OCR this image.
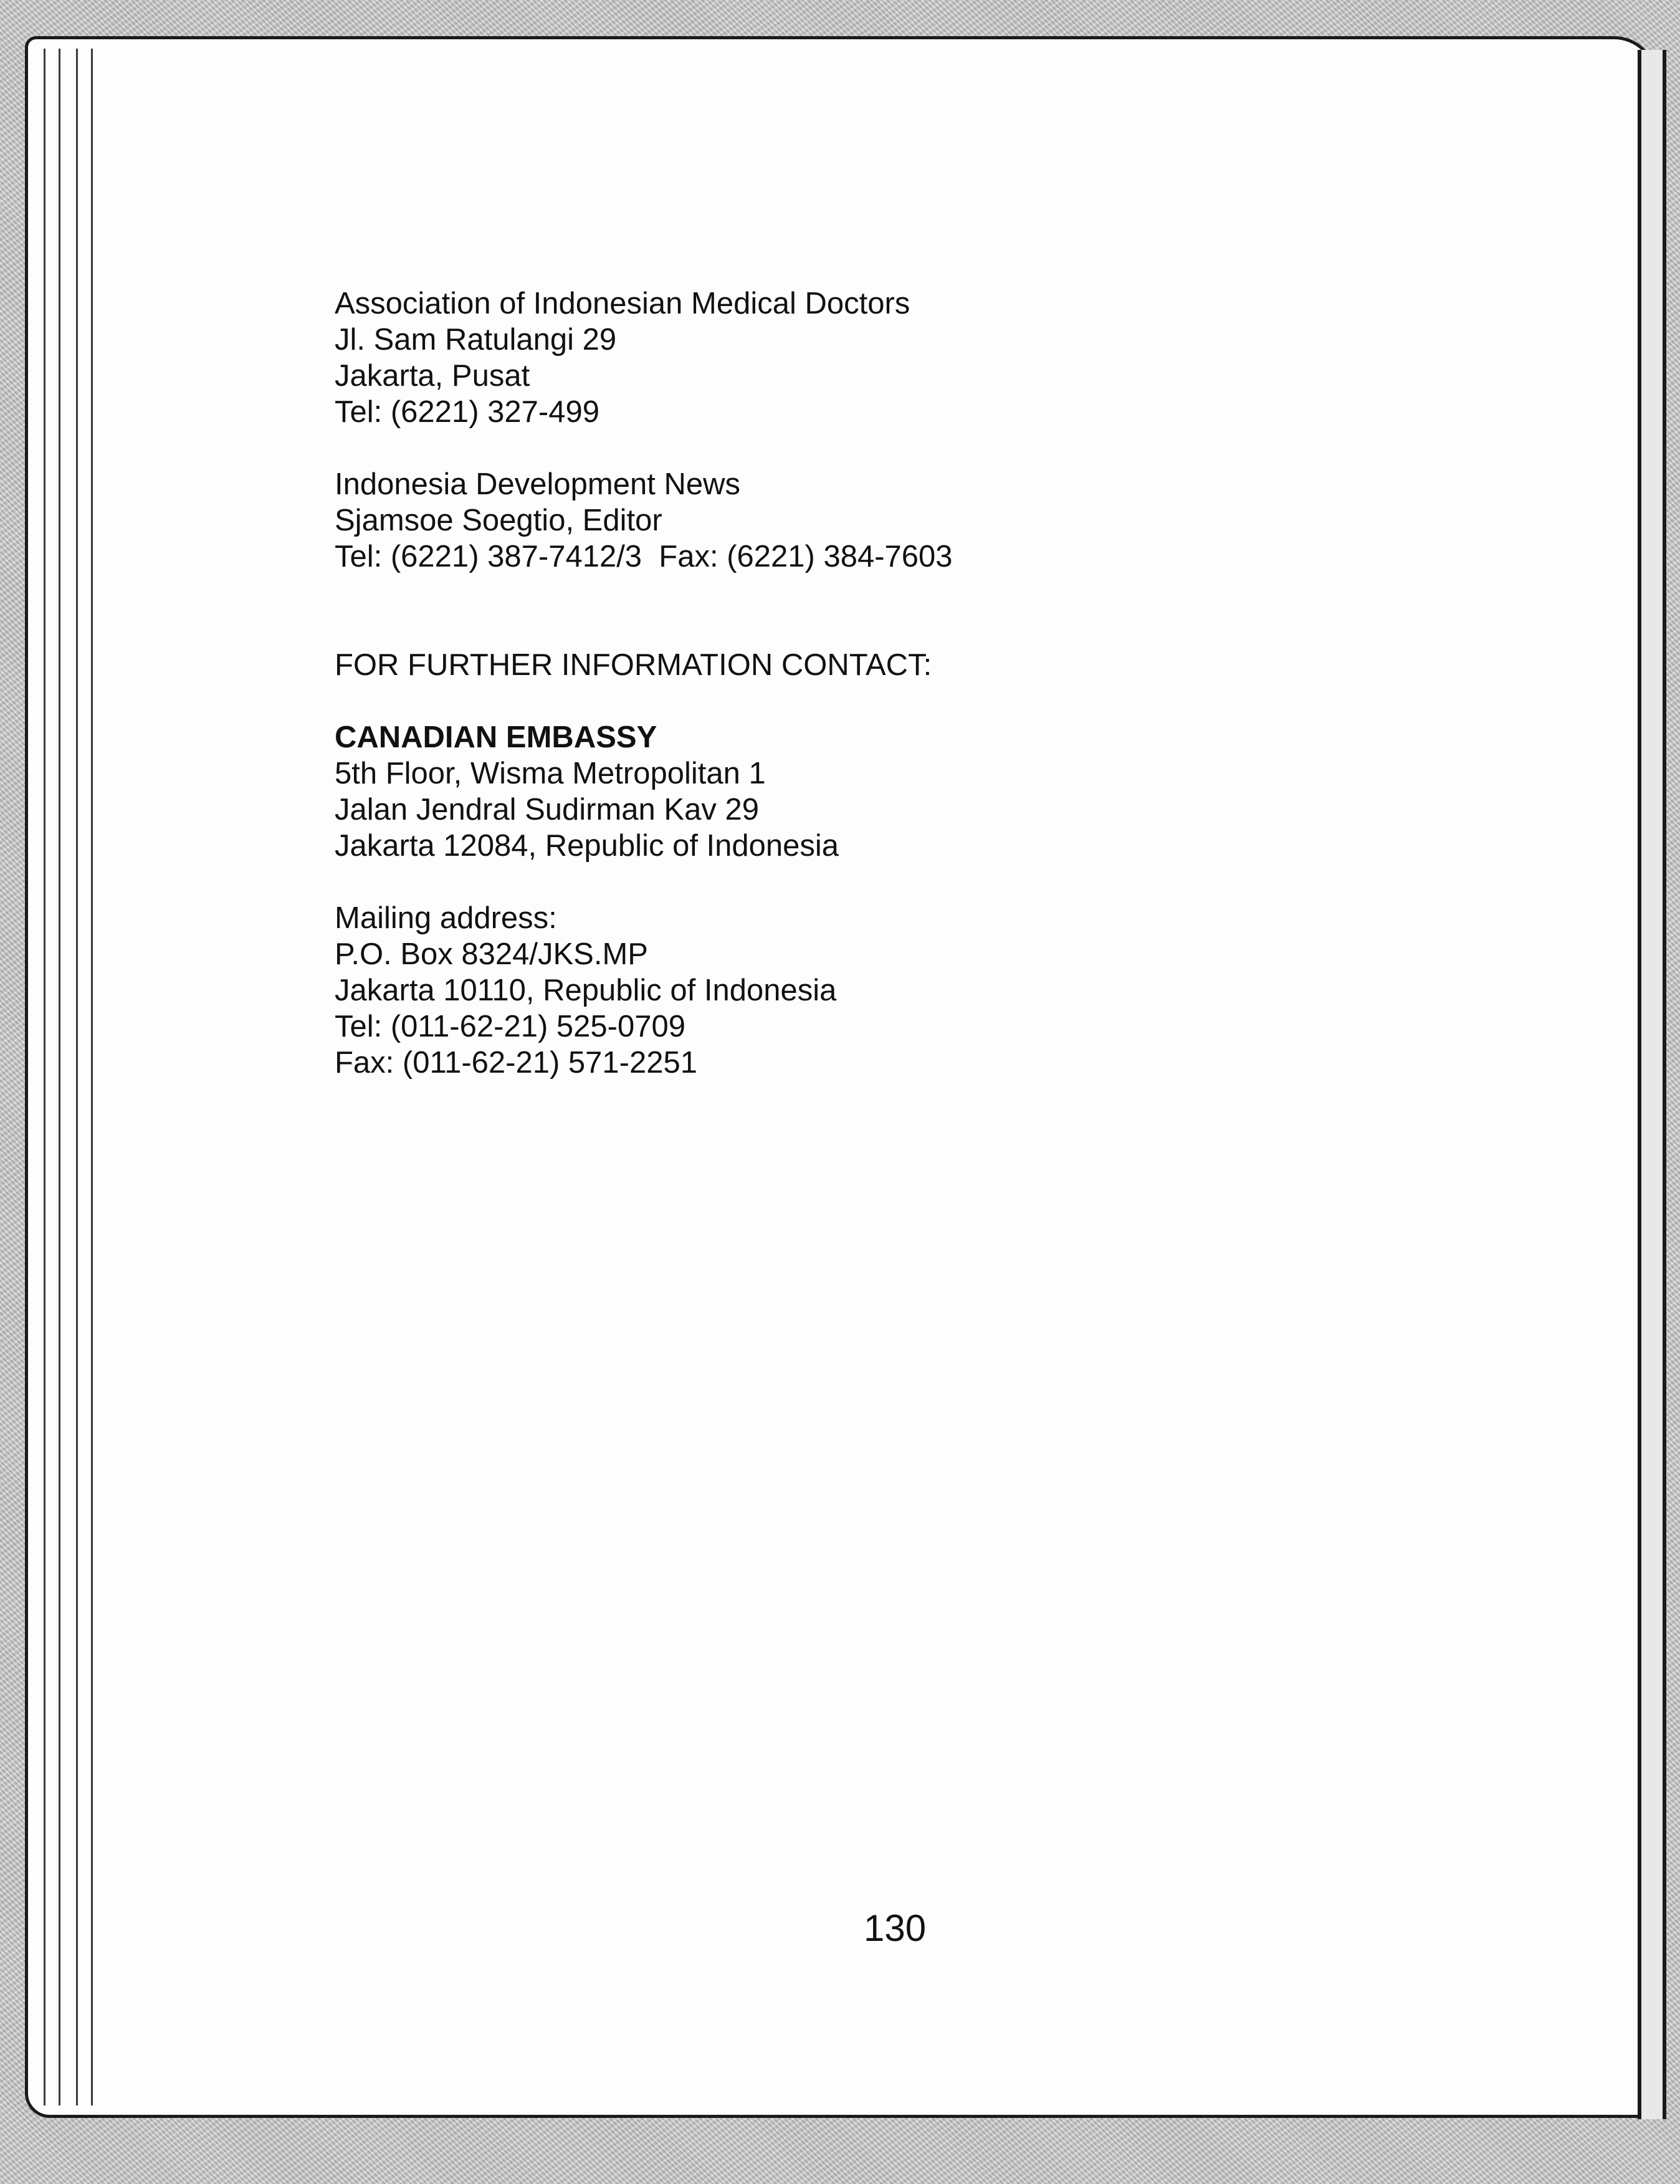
Association of Indonesian Medical Doctors
Jl. Sam Ratulangi 29
Jakarta, Pusat
Tel: (6221) 327-499
Indonesia Development News
Sjamsoe Soegtio, Editor
Tel: (6221) 387-7412/3  Fax: (6221) 384-7603
FOR FURTHER INFORMATION CONTACT:
CANADIAN EMBASSY
5th Floor, Wisma Metropolitan 1
Jalan Jendral Sudirman Kav 29
Jakarta 12084, Republic of Indonesia
Mailing address:
P.O. Box 8324/JKS.MP
Jakarta 10110, Republic of Indonesia
Tel: (011-62-21) 525-0709
Fax: (011-62-21) 571-2251
130
